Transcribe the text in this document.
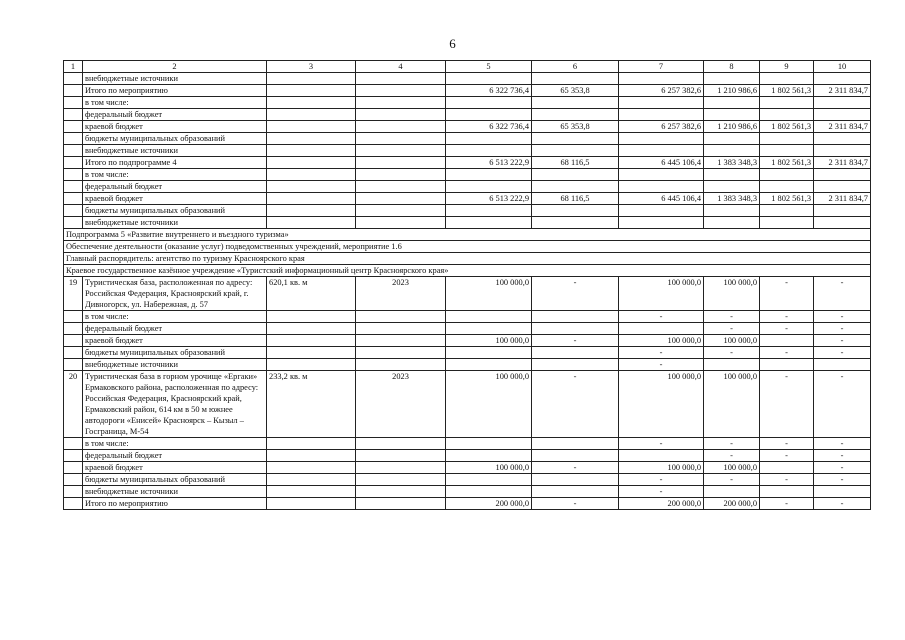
6
1	2	3	4	5	6	7	8	9	10
	внебюджетные источники								
	Итого по мероприятию			6 322 736,4	65 353,8	6 257 382,6	1 210 986,6	1 802 561,3	2 311 834,7
	в том числе:								
	федеральный бюджет								
	краевой бюджет			6 322 736,4	65 353,8	6 257 382,6	1 210 986,6	1 802 561,3	2 311 834,7
	бюджеты муниципальных образований								
	внебюджетные источники								
	Итого по подпрограмме 4			6 513 222,9	68 116,5	6 445 106,4	1 383 348,3	1 802 561,3	2 311 834,7
	в том числе:								
	федеральный бюджет								
	краевой бюджет			6 513 222,9	68 116,5	6 445 106,4	1 383 348,3	1 802 561,3	2 311 834,7
	бюджеты муниципальных образований								
	внебюджетные источники								
Подпрограмма 5 «Развитие внутреннего и въездного туризма»									
Обеспечение деятельности (оказание услуг) подведомственных учреждений, мероприятие 1.6									
Главный распорядитель: агентство по туризму Красноярского края									
Краевое государственное казённое учреждение «Туристский информационный центр Красноярского края»									
19	Туристическая база, расположенная по адресу: Российская Федерация, Красноярский край, г. Дивногорск, ул. Набережная, д. 57	620,1 кв. м	2023	100 000,0	-	100 000,0	100 000,0	-	-
	в том числе:					-	-	-	-
	федеральный бюджет						-	-	-
	краевой бюджет			100 000,0	-	100 000,0	100 000,0		-
	бюджеты муниципальных образований					-	-	-	-
	внебюджетные источники					-			
20	Туристическая база в горном урочище «Ергаки» Ермаковского района, расположенная по адресу: Российская Федерация, Красноярский край, Ермаковский район, 614 км в 50 м южнее автодороги «Енисей» Красноярск – Кызыл – Госграница, М-54	233,2 кв. м	2023	100 000,0	-	100 000,0	100 000,0	-	-
	в том числе:					-	-	-	-
	федеральный бюджет						-	-	-
	краевой бюджет			100 000,0	-	100 000,0	100 000,0		-
	бюджеты муниципальных образований					-	-	-	-
	внебюджетные источники					-			
	Итого по мероприятию			200 000,0	-	200 000,0	200 000,0	-	-
